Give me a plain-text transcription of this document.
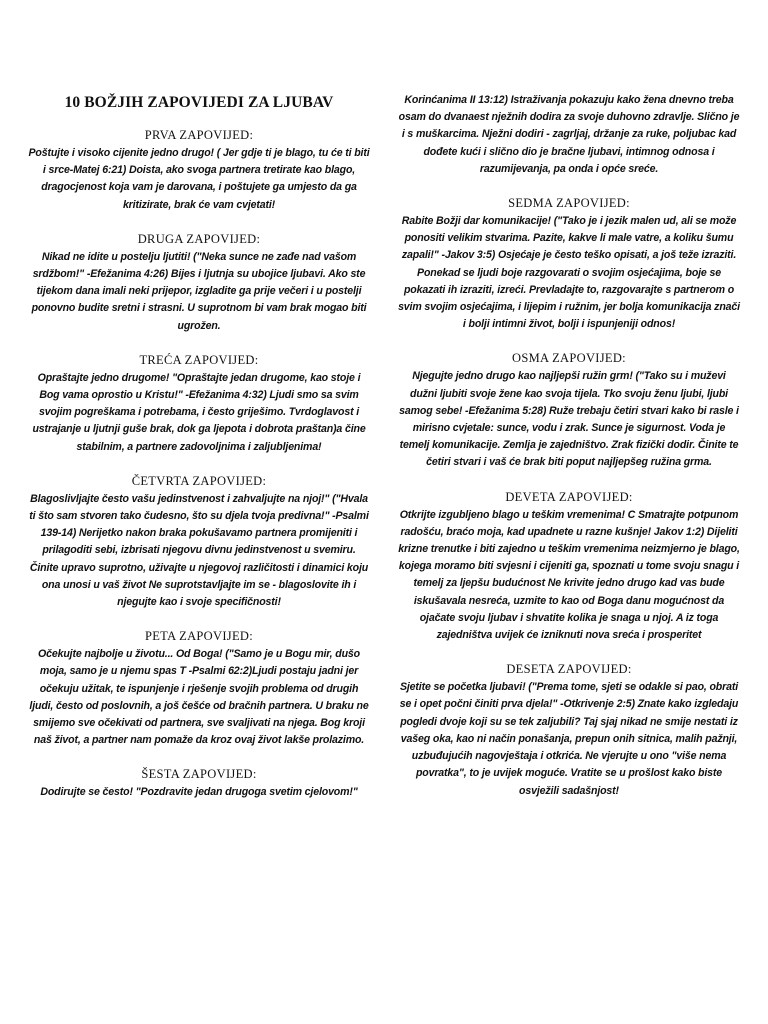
10 BOŽJIH ZAPOVIJEDI ZA LJUBAV
PRVA ZAPOVIJED:

Poštujte i visoko cijenite jedno drugo! ( Jer gdje ti je blago, tu će ti biti i srce-Matej 6:21) Doista, ako svoga partnera tretirate kao blago, dragocjenost koja vam je darovana, i poštujete ga umjesto da ga kritizirate, brak će vam cvjetati!

DRUGA ZAPOVIJED:

Nikad ne idite u postelju ljutiti! ("Neka sunce ne zađe nad vašom srdžbom!" -Efežanima 4:26) Bijes i ljutnja su ubojice ljubavi. Ako ste tijekom dana imali neki prijepor, izgladite ga prije večeri i u postelji ponovno budite sretni i strasni. U suprotnom bi vam brak mogao biti ugrožen.

TREĆA ZAPOVIJED:

Opraštajte jedno drugome! "Opraštajte jedan drugome, kao stoje i Bog vama oprostio u Kristu!" -Efežanima 4:32) Ljudi smo sa svim svojim pogreškama i potrebama, i često griješimo. Tvrdoglavost i ustrajanje u ljutnji guše brak, dok ga ljepota i dobrota praštan)a čine stabilnim, a partnere zadovoljnima i zaljubljenima!

ČETVRTA ZAPOVIJED:

Blagoslivljajte često vašu jedinstvenost i zahvaljujte na njoj!" ("Hvala ti što sam stvoren tako čudesno, što su djela tvoja predivna!" -Psalmi 139-14) Nerijetko nakon braka pokušavamo partnera promijeniti i prilagoditi sebi, izbrisati njegovu divnu jedinstvenost u svemiru. Činite upravo suprotno, uživajte u njegovoj različitosti i dinamici koju ona unosi u vaš život Ne suprotstavljajte im se - blagoslovite ih i njegujte kao i svoje specifičnosti!

PETA ZAPOVIJED:

Očekujte najbolje u životu... Od Boga! ("Samo je u Bogu mir, dušo moja, samo je u njemu spas T -Psalmi 62:2)Ljudi postaju jadni jer očekuju užitak, te ispunjenje i rješenje svojih problema od drugih ljudi, često od poslovnih, a još češće od bračnih partnera. U braku ne smijemo sve očekivati od partnera, sve svaljivati na njega. Bog kroji naš život, a partner nam pomaže da kroz ovaj život lakše prolazimo.

ŠESTA ZAPOVIJED:

Dodirujte se često! "Pozdravite jedan drugoga svetim cjelovom!"

Korinćanima II 13:12) Istraživanja pokazuju kako žena dnevno treba osam do dvanaest nježnih dodira za svoje duhovno zdravlje. Slično je i s muškarcima. Nježni dodiri - zagrljaj, držanje za ruke, poljubac kad dođete kući i slično dio je bračne ljubavi, intimnog odnosa i razumijevanja, pa onda i opće sreće.

SEDMA ZAPOVIJED:

Rabite Božji dar komunikacije! ("Tako je i jezik malen ud, ali se može ponositi velikim stvarima. Pazite, kakve li male vatre, a koliku šumu zapali!" -Jakov 3:5) Osjećaje je često teško opisati, a još teže izraziti. Ponekad se ljudi boje razgovarati o svojim osjećajima, boje se pokazati ih izraziti, izreći. Prevladajte to, razgovarajte s partnerom o svim svojim osjećajima, i lijepim i ružnim, jer bolja komunikacija znači i bolji intimni život, bolji i ispunjeniji odnos!

OSMA ZAPOVIJED:

Njegujte jedno drugo kao najljepši ružin grm! ("Tako su i muževi dužni ljubiti svoje žene kao svoja tijela. Tko svoju ženu ljubi, ljubi samog sebe! -Efežanima 5:28) Ruže trebaju četiri stvari kako bi rasle i mirisno cvjetale: sunce, vodu i zrak. Sunce je sigurnost. Voda je temelj komunikacije. Zemlja je zajedništvo. Zrak fizički dodir. Činite te četiri stvari i vaš će brak biti poput najljepšeg ružina grma.

DEVETA ZAPOVIJED:

Otkrijte izgubljeno blago u teškim vremenima! C Smatrajte potpunom radošću, braćo moja, kad upadnete u razne kušnje! Jakov 1:2) Dijeliti krizne trenutke i biti zajedno u teškim vremenima neizmjerno je blago, kojega moramo biti svjesni i cijeniti ga, spoznati u tome svoju snagu i temelj za ljepšu budućnost Ne krivite jedno drugo kad vas bude iskušavala nesreća, uzmite to kao od Boga danu mogućnost da ojačate svoju ljubav i shvatite kolika je snaga u njoj. A iz toga zajedništva uvijek će izniknuti nova sreća i prosperitet

DESETA ZAPOVIJED:

Sjetite se početka ljubavi! ("Prema tome, sjeti se odakle si pao, obrati se i opet počni činiti prva djela!" -Otkrivenje 2:5) Znate kako izgledaju pogledi dvoje koji su se tek zaljubili? Taj sjaj nikad ne smije nestati iz vašeg oka, kao ni način ponašanja, prepun onih sitnica, malih pažnji, uzbuđujućih nagovještaja i otkrića. Ne vjerujte u ono "više nema povratka", to je uvijek moguće. Vratite se u prošlost kako biste osvježili sadašnjost!
